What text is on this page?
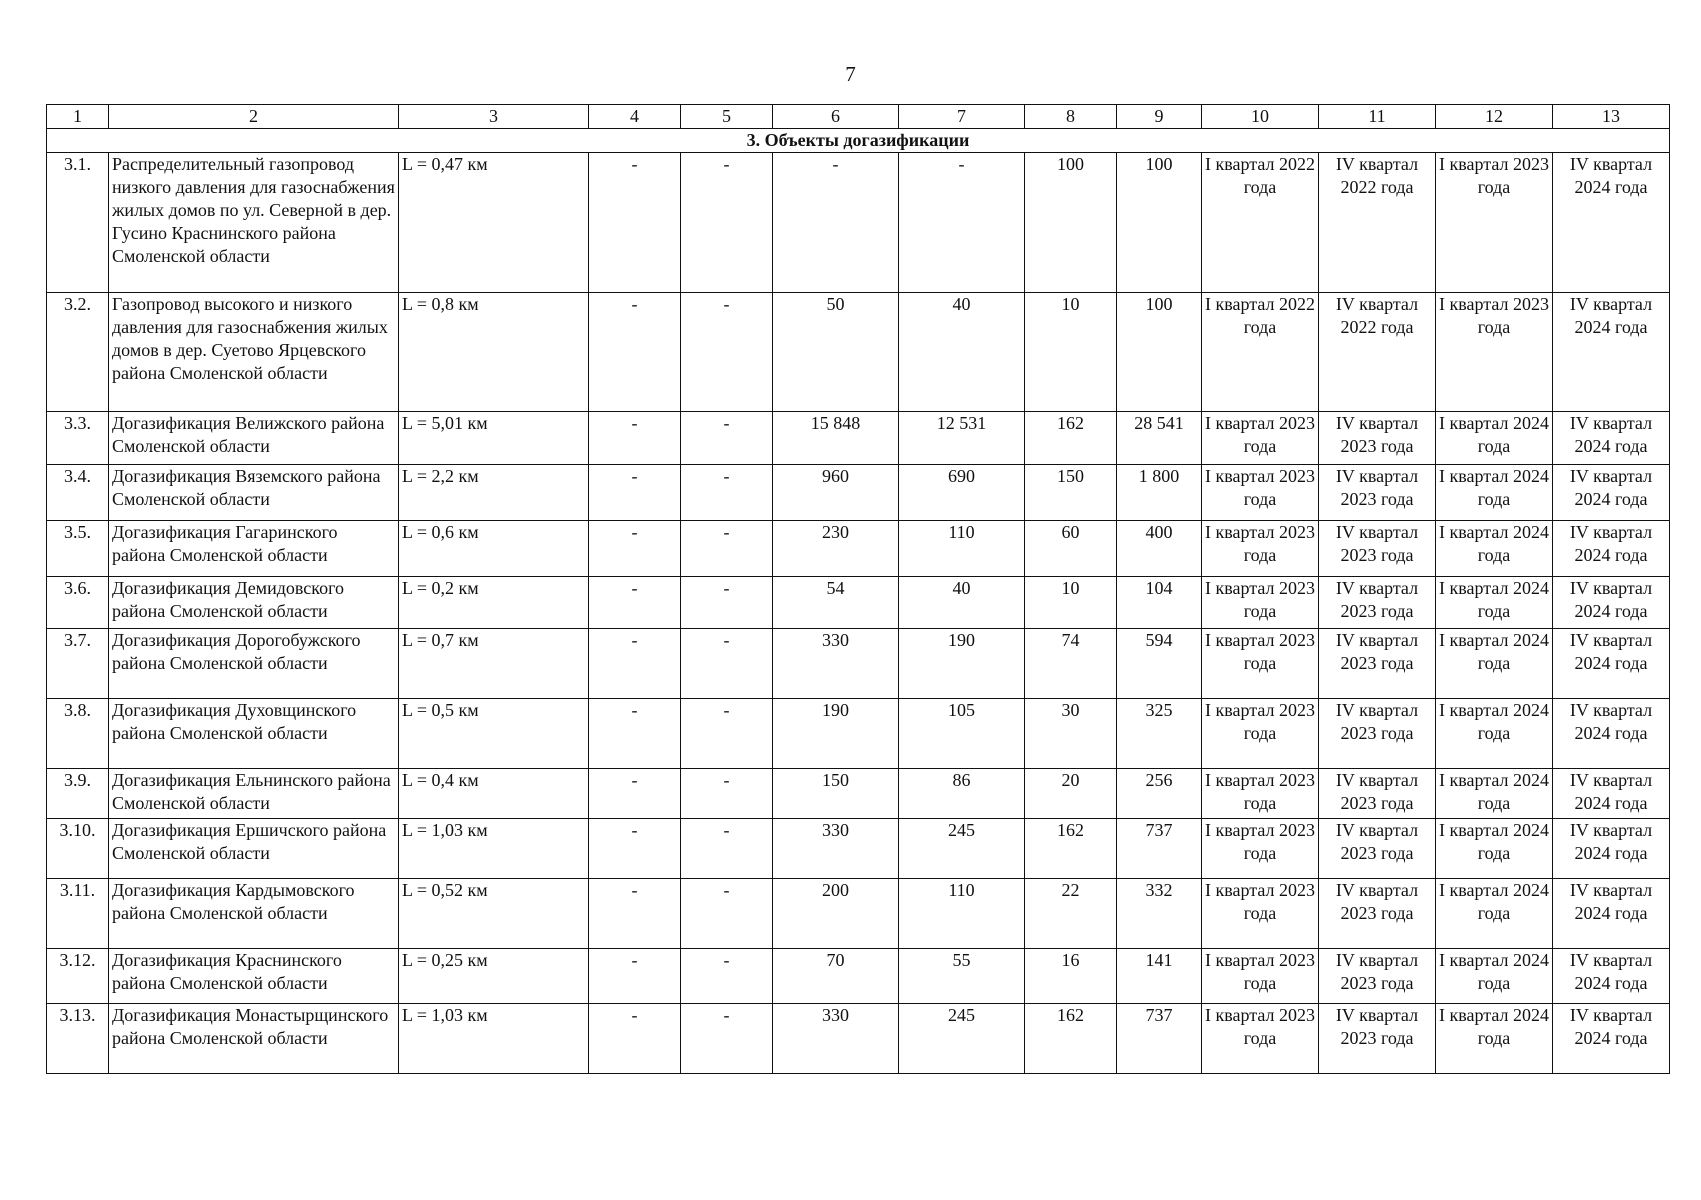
7
1	2	3	4	5	6	7	8	9	10	11	12	13
3. Объекты догазификации												
3.1.	Распределительный газопровод низкого давления для газоснабжения жилых домов по ул. Северной в дер. Гусино Краснинского района Смоленской области	L = 0,47 км	-	-	-	-	100	100	I квартал 2022 года	IV квартал 2022 года	I квартал 2023 года	IV квартал 2024 года
3.2.	Газопровод высокого и низкого давления для газоснабжения жилых домов в дер. Суетово Ярцевского района Смоленской области	L = 0,8 км	-	-	50	40	10	100	I квартал 2022 года	IV квартал 2022 года	I квартал 2023 года	IV квартал 2024 года
3.3.	Догазификация Велижского района Смоленской области	L = 5,01 км	-	-	15 848	12 531	162	28 541	I квартал 2023 года	IV квартал 2023 года	I квартал 2024 года	IV квартал 2024 года
3.4.	Догазификация Вяземского района Смоленской области	L = 2,2 км	-	-	960	690	150	1 800	I квартал 2023 года	IV квартал 2023 года	I квартал 2024 года	IV квартал 2024 года
3.5.	Догазификация Гагаринского района Смоленской области	L = 0,6 км	-	-	230	110	60	400	I квартал 2023 года	IV квартал 2023 года	I квартал 2024 года	IV квартал 2024 года
3.6.	Догазификация Демидовского района Смоленской области	L = 0,2 км	-	-	54	40	10	104	I квартал 2023 года	IV квартал 2023 года	I квартал 2024 года	IV квартал 2024 года
3.7.	Догазификация Дорогобужского района Смоленской области	L = 0,7 км	-	-	330	190	74	594	I квартал 2023 года	IV квартал 2023 года	I квартал 2024 года	IV квартал 2024 года
3.8.	Догазификация Духовщинского района Смоленской области	L = 0,5 км	-	-	190	105	30	325	I квартал 2023 года	IV квартал 2023 года	I квартал 2024 года	IV квартал 2024 года
3.9.	Догазификация Ельнинского района Смоленской области	L = 0,4 км	-	-	150	86	20	256	I квартал 2023 года	IV квартал 2023 года	I квартал 2024 года	IV квартал 2024 года
3.10.	Догазификация Ершичского района Смоленской области	L = 1,03 км	-	-	330	245	162	737	I квартал 2023 года	IV квартал 2023 года	I квартал 2024 года	IV квартал 2024 года
3.11.	Догазификация Кардымовского района Смоленской области	L = 0,52 км	-	-	200	110	22	332	I квартал 2023 года	IV квартал 2023 года	I квартал 2024 года	IV квартал 2024 года
3.12.	Догазификация Краснинского района Смоленской области	L = 0,25 км	-	-	70	55	16	141	I квартал 2023 года	IV квартал 2023 года	I квартал 2024 года	IV квартал 2024 года
3.13.	Догазификация Монастырщинского района Смоленской области	L = 1,03 км	-	-	330	245	162	737	I квартал 2023 года	IV квартал 2023 года	I квартал 2024 года	IV квартал 2024 года
